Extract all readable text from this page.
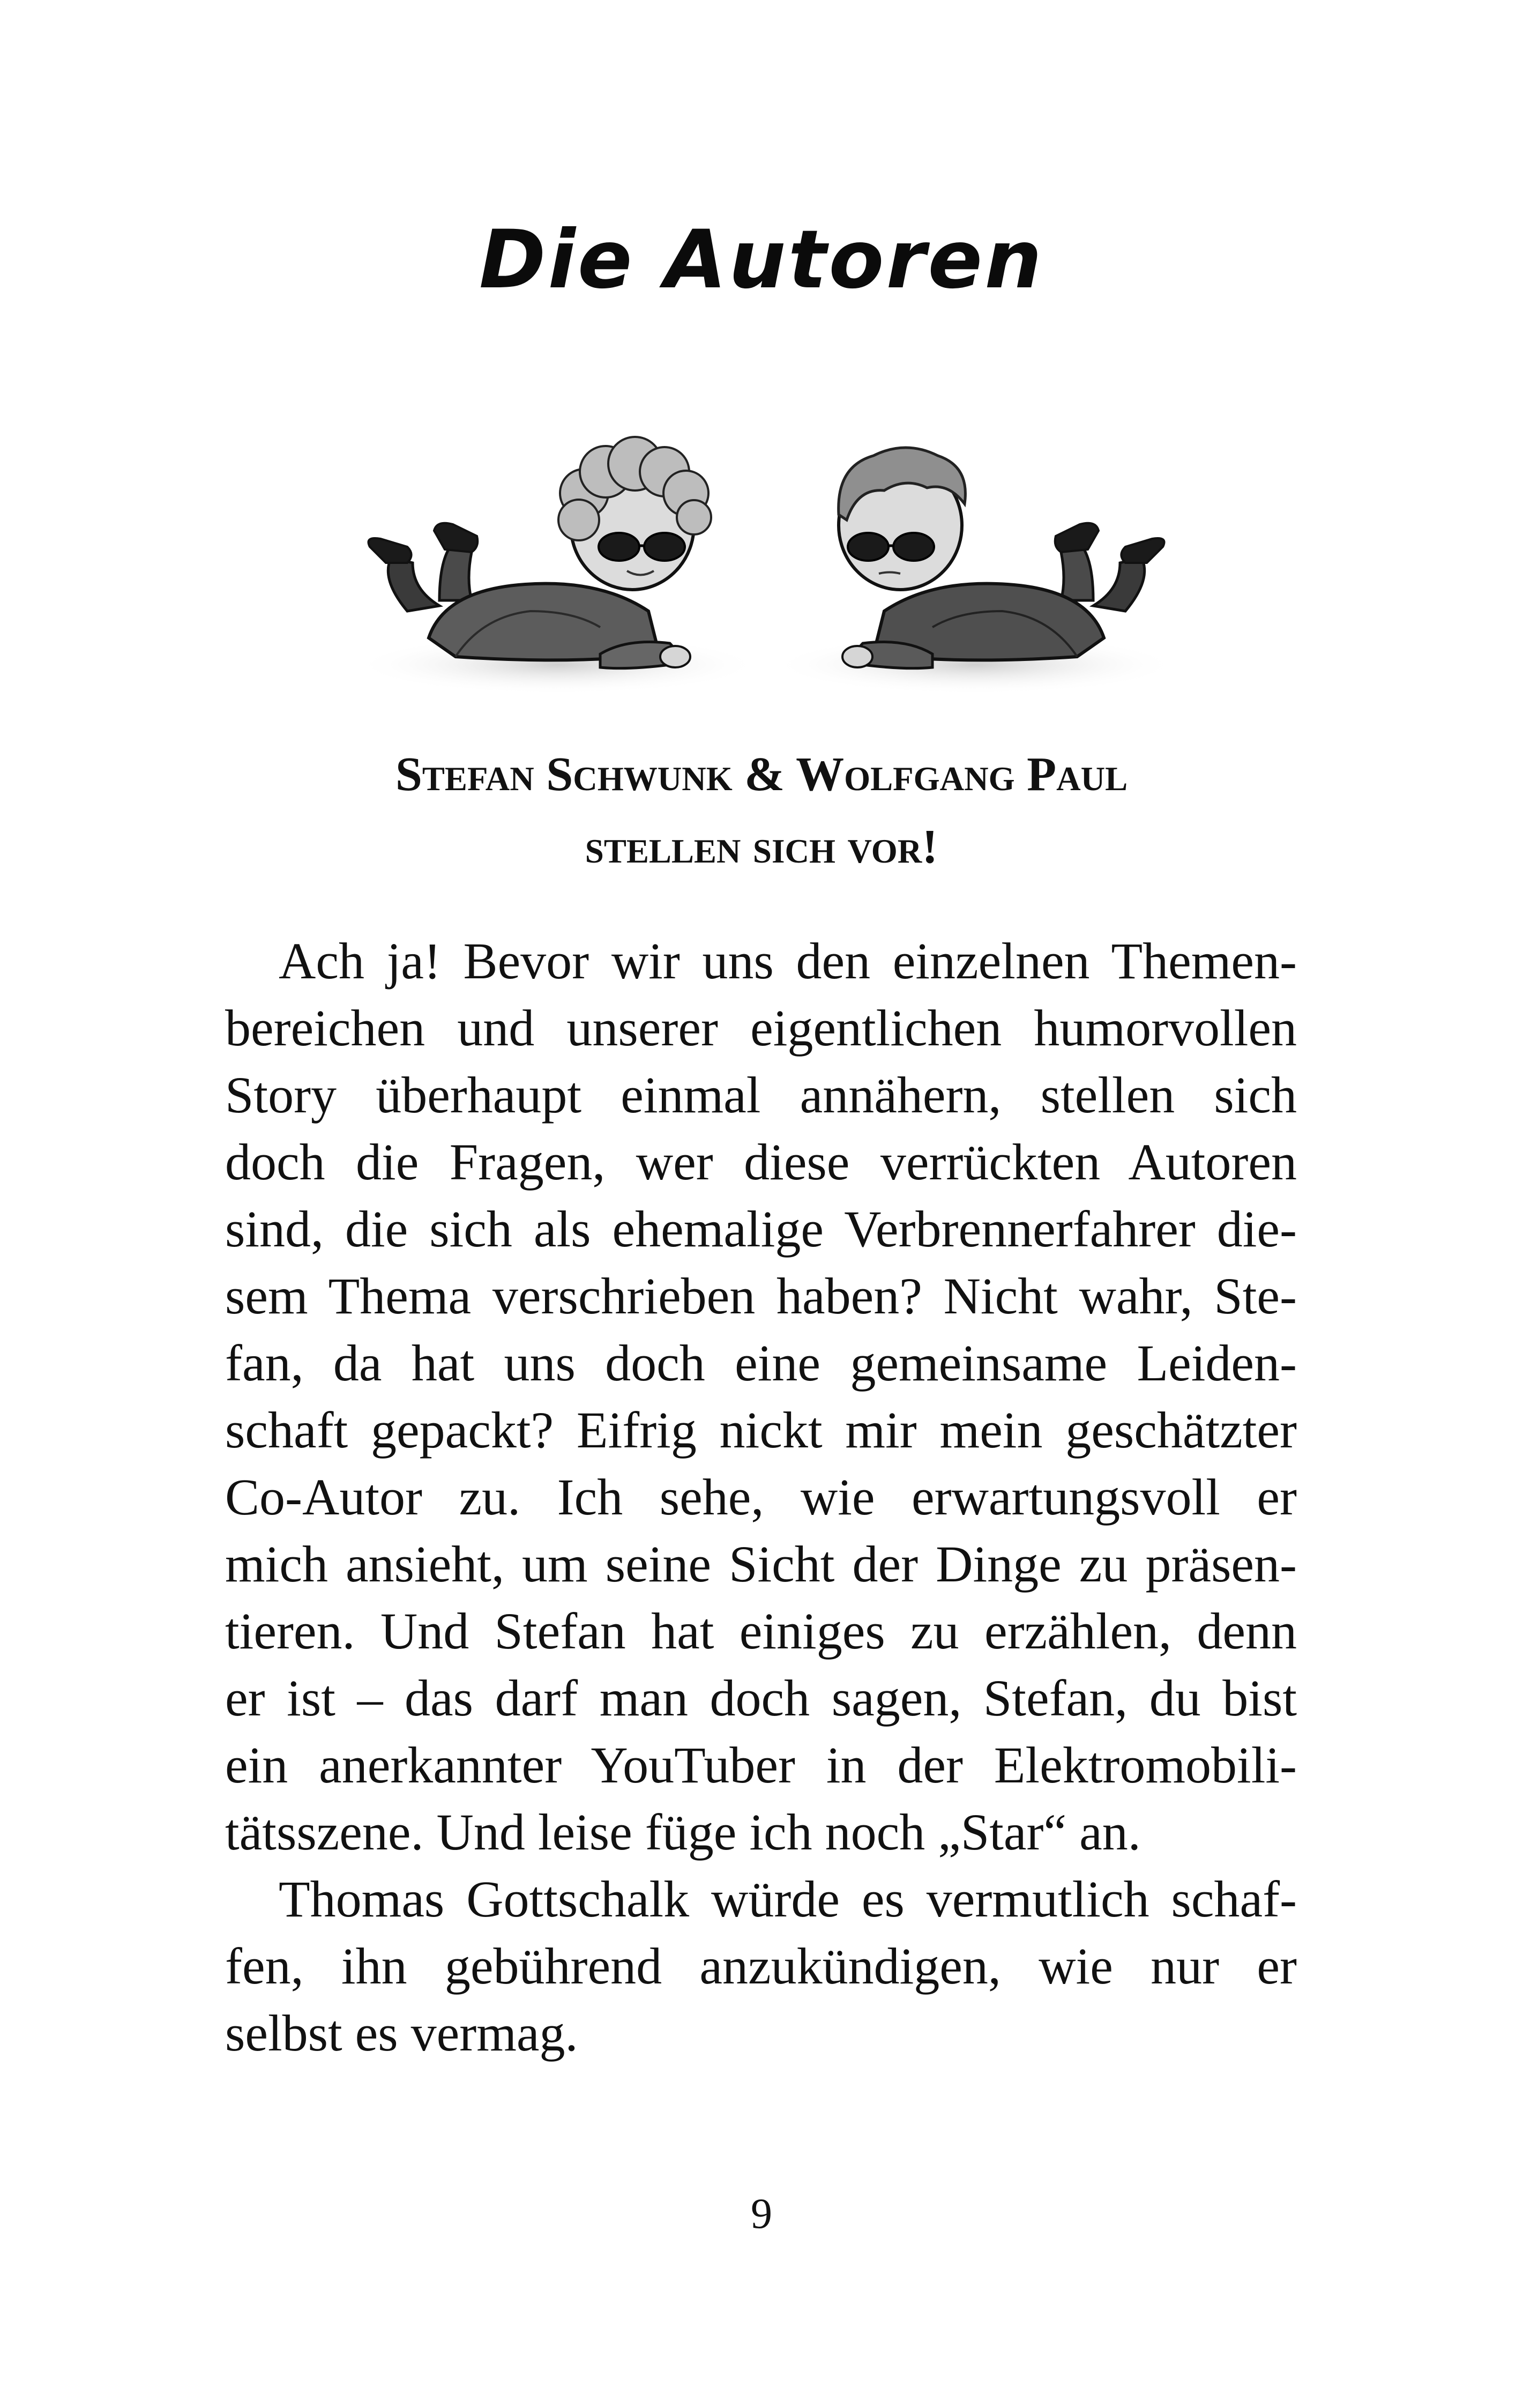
Die Autoren
Stefan Schwunk & Wolfgang Paul
stellen sich vor!
Ach ja! Bevor wir uns den einzelnen Themen-
bereichen und unserer eigentlichen humorvollen
Story überhaupt einmal annähern, stellen sich
doch die Fragen, wer diese verrückten Autoren
sind, die sich als ehemalige Verbrennerfahrer die-
sem Thema verschrieben haben? Nicht wahr, Ste-
fan, da hat uns doch eine gemeinsame Leiden-
schaft gepackt? Eifrig nickt mir mein geschätzter
Co-Autor zu. Ich sehe, wie erwartungsvoll er
mich ansieht, um seine Sicht der Dinge zu präsen-
tieren. Und Stefan hat einiges zu erzählen, denn
er ist – das darf man doch sagen, Stefan, du bist
ein anerkannter YouTuber in der Elektromobili-
tätsszene. Und leise füge ich noch „Star“ an.
Thomas Gottschalk würde es vermutlich schaf-
fen, ihn gebührend anzukündigen, wie nur er
selbst es vermag.
9
